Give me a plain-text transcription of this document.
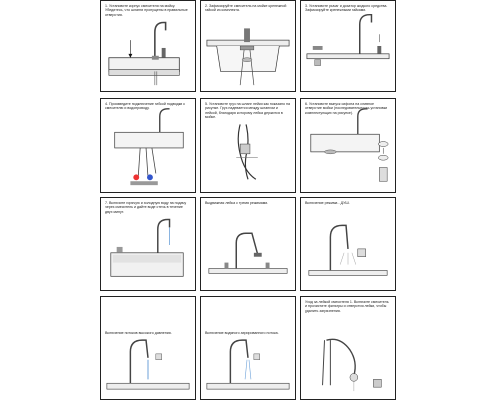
1. Установите корпус смесителя на мойку. Убедитесь, что шланги пропущены в правильные отверстия.
2. Зафиксируйте смеситель на мойке крепежной гайкой из комплекта.
3. Установите рычаг и дозатор жидкого средства. Зафиксируйте крепежными гайками.
4. Произведите подключение гибкой подводки к смесителю и водопроводу.
5. Установите груз на шланг лейки как показано на рисунке. Груз надевается между шлангом и лейкой, благодаря которому лейка держится в мойке.
6. Установите выпуск сифона на сливное отверстие мойки (последовательность установки комплектующих на рисунке).
7. Включите горячую и холодную воду на подачу через смеситель и дайте воде стечь в течение двух минут.
Выдвижная лейка с тремя режимами.	Включение режима - ДУШ.
Включение потоков высокого давления.	Включение водяного аэрированного потока.
Уход за лейкой смесителя 1. Включите смеситель и прочистите фильтры и отверстия лейки, чтобы удалить загрязнения.
